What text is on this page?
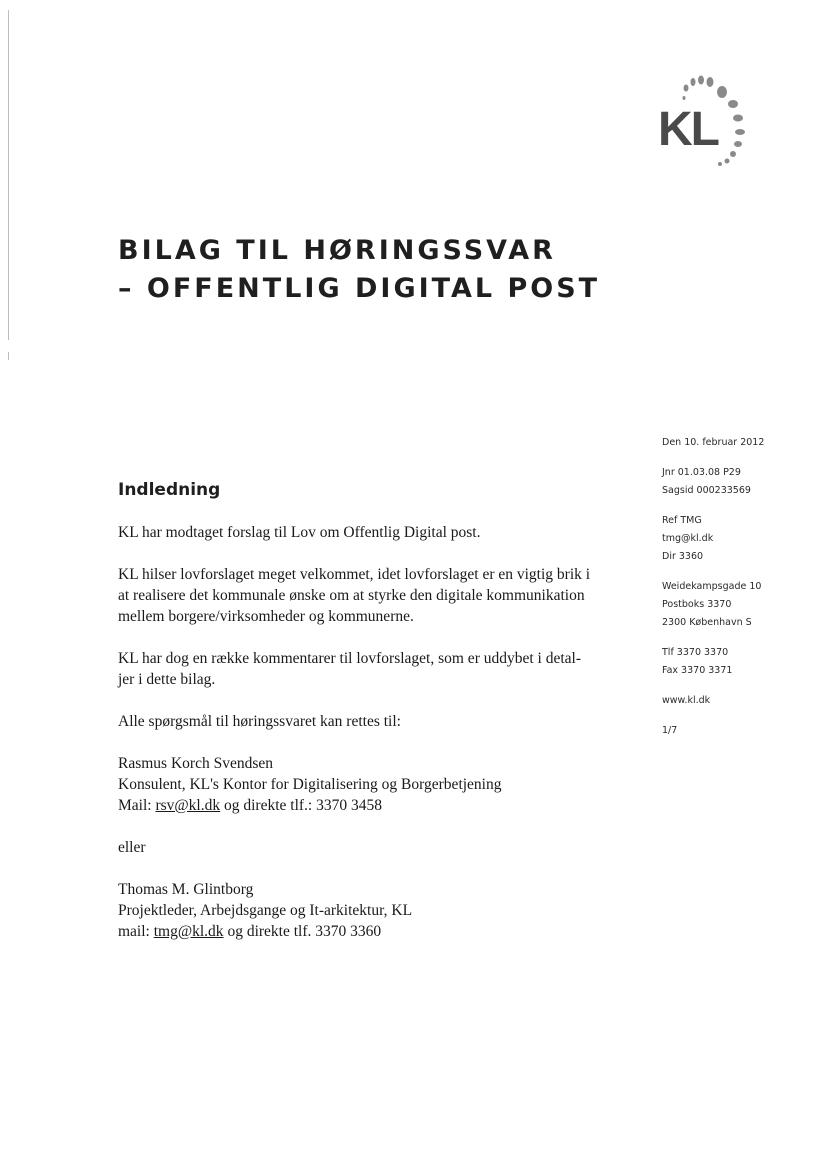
KL
BILAG TIL HØRINGSSVAR
– OFFENTLIG DIGITAL POST
Den 10. februar 2012
Jnr 01.03.08 P29
Sagsid 000233569
Ref TMG
tmg@kl.dk
Dir 3360
Weidekampsgade 10
Postboks 3370
2300 København S
Tlf 3370 3370
Fax 3370 3371
www.kl.dk
1/7
Indledning

KL har modtaget forslag til Lov om Offentlig Digital post.

KL hilser lovforslaget meget velkommet, idet lovforslaget er en vigtig brik i
at realisere det kommunale ønske om at styrke den digitale kommunikation
mellem borgere/virksomheder og kommunerne.

KL har dog en række kommentarer til lovforslaget, som er uddybet i detal-
jer i dette bilag.

Alle spørgsmål til høringssvaret kan rettes til:

Rasmus Korch Svendsen
Konsulent, KL's Kontor for Digitalisering og Borgerbetjening
Mail: rsv@kl.dk og direkte tlf.: 3370 3458

eller

Thomas M. Glintborg
Projektleder, Arbejdsgange og It-arkitektur, KL
mail: tmg@kl.dk og direkte tlf. 3370 3360
